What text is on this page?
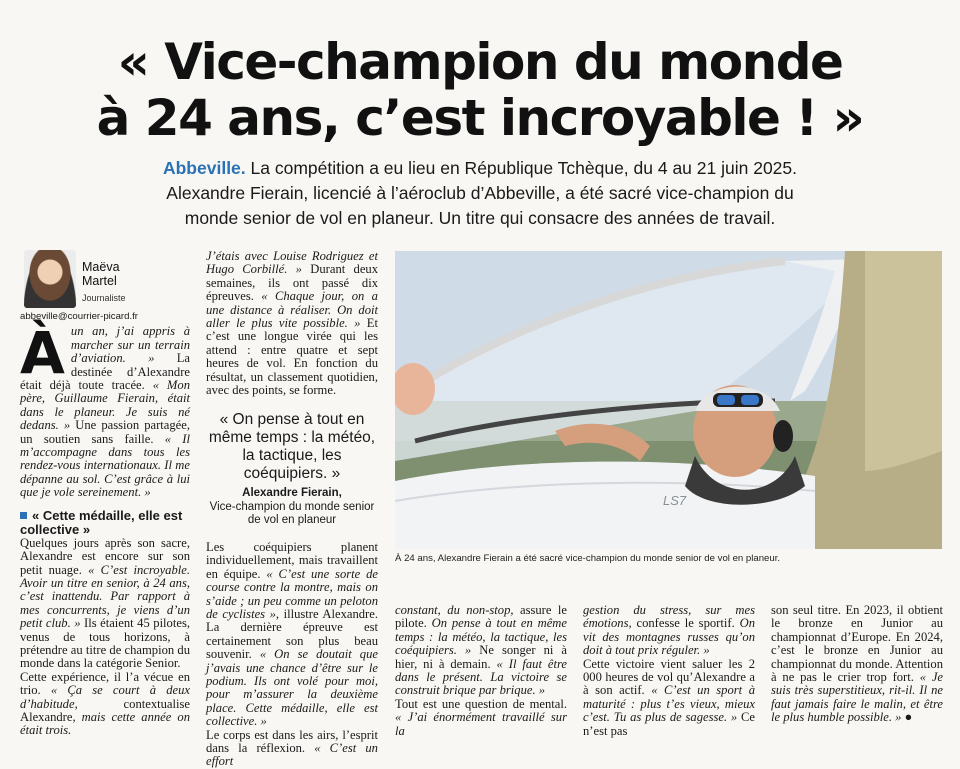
« Vice-champion du monde
à 24 ans, c’est incroyable ! »
Abbeville. La compétition a eu lieu en République Tchèque, du 4 au 21 juin 2025. Alexandre Fierain, licencié à l’aéroclub d’Abbeville, a été sacré vice-champion du monde senior de vol en planeur. Un titre qui consacre des années de travail.
Maëva
Martel
Journaliste
abbeville@courrier-picard.fr

Àun an, j’ai appris à marcher sur un terrain d’aviation. » La destinée d’Alexandre était déjà toute tracée. « Mon père, Guillaume Fierain, était dans le planeur. Je suis né dedans. » Une passion partagée, un soutien sans faille. « Il m’accompagne dans tous les rendez-vous internationaux. Il me dépanne au sol. C’est grâce à lui que je vole sereinement. »

« Cette médaille, elle est collective »

Quelques jours après son sacre, Alexandre est encore sur son petit nuage. « C’est incroyable. Avoir un titre en senior, à 24 ans, c’est inattendu. Par rapport à mes concurrents, je viens d’un petit club. » Ils étaient 45 pilotes, venus de tous horizons, à prétendre au titre de champion du monde dans la catégorie Senior.

Cette expérience, il l’a vécue en trio. « Ça se court à deux d’habitude, contextualise Alexandre, mais cette année on était trois.

J’étais avec Louise Rodriguez et Hugo Corbillé. » Durant deux semaines, ils ont passé dix épreuves. « Chaque jour, on a une distance à réaliser. On doit aller le plus vite possible. » Et c’est une longue virée qui les attend : entre quatre et sept heures de vol. En fonction du résultat, un classement quotidien, avec des points, se forme.

« On pense à tout en même temps : la météo, la tactique, les coéquipiers. »
Alexandre Fierain,
Vice-champion du monde senior de vol en planeur

Les coéquipiers planent individuellement, mais travaillent en équipe. « C’est une sorte de course contre la montre, mais on s’aide ; un peu comme un peloton de cyclistes », illustre Alexandre. La dernière épreuve est certainement son plus beau souvenir. « On se doutait que j’avais une chance d’être sur le podium. Ils ont volé pour moi, pour m’assurer la deuxième place. Cette médaille, elle est collective. »

Le corps est dans les airs, l’esprit dans la réflexion. « C’est un effort

LS7
À 24 ans, Alexandre Fierain a été sacré vice-champion du monde senior de vol en planeur.

constant, du non-stop, assure le pilote. On pense à tout en même temps : la météo, la tactique, les coéquipiers. » Ne songer ni à hier, ni à demain. « Il faut être dans le présent. La victoire se construit brique par brique. »

Tout est une question de mental. « J’ai énormément travaillé sur la

gestion du stress, sur mes émotions, confesse le sportif. On vit des montagnes russes qu’on doit à tout prix réguler. »

Cette victoire vient saluer les 2 000 heures de vol qu’Alexandre a à son actif. « C’est un sport à maturité : plus t’es vieux, mieux c’est. Tu as plus de sagesse. » Ce n’est pas

son seul titre. En 2023, il obtient le bronze en Junior au championnat d’Europe. En 2024, c’est le bronze en Junior au championnat du monde. Attention à ne pas le crier trop fort. « Je suis très superstitieux, rit-il. Il ne faut jamais faire le malin, et être le plus humble possible. » ●
